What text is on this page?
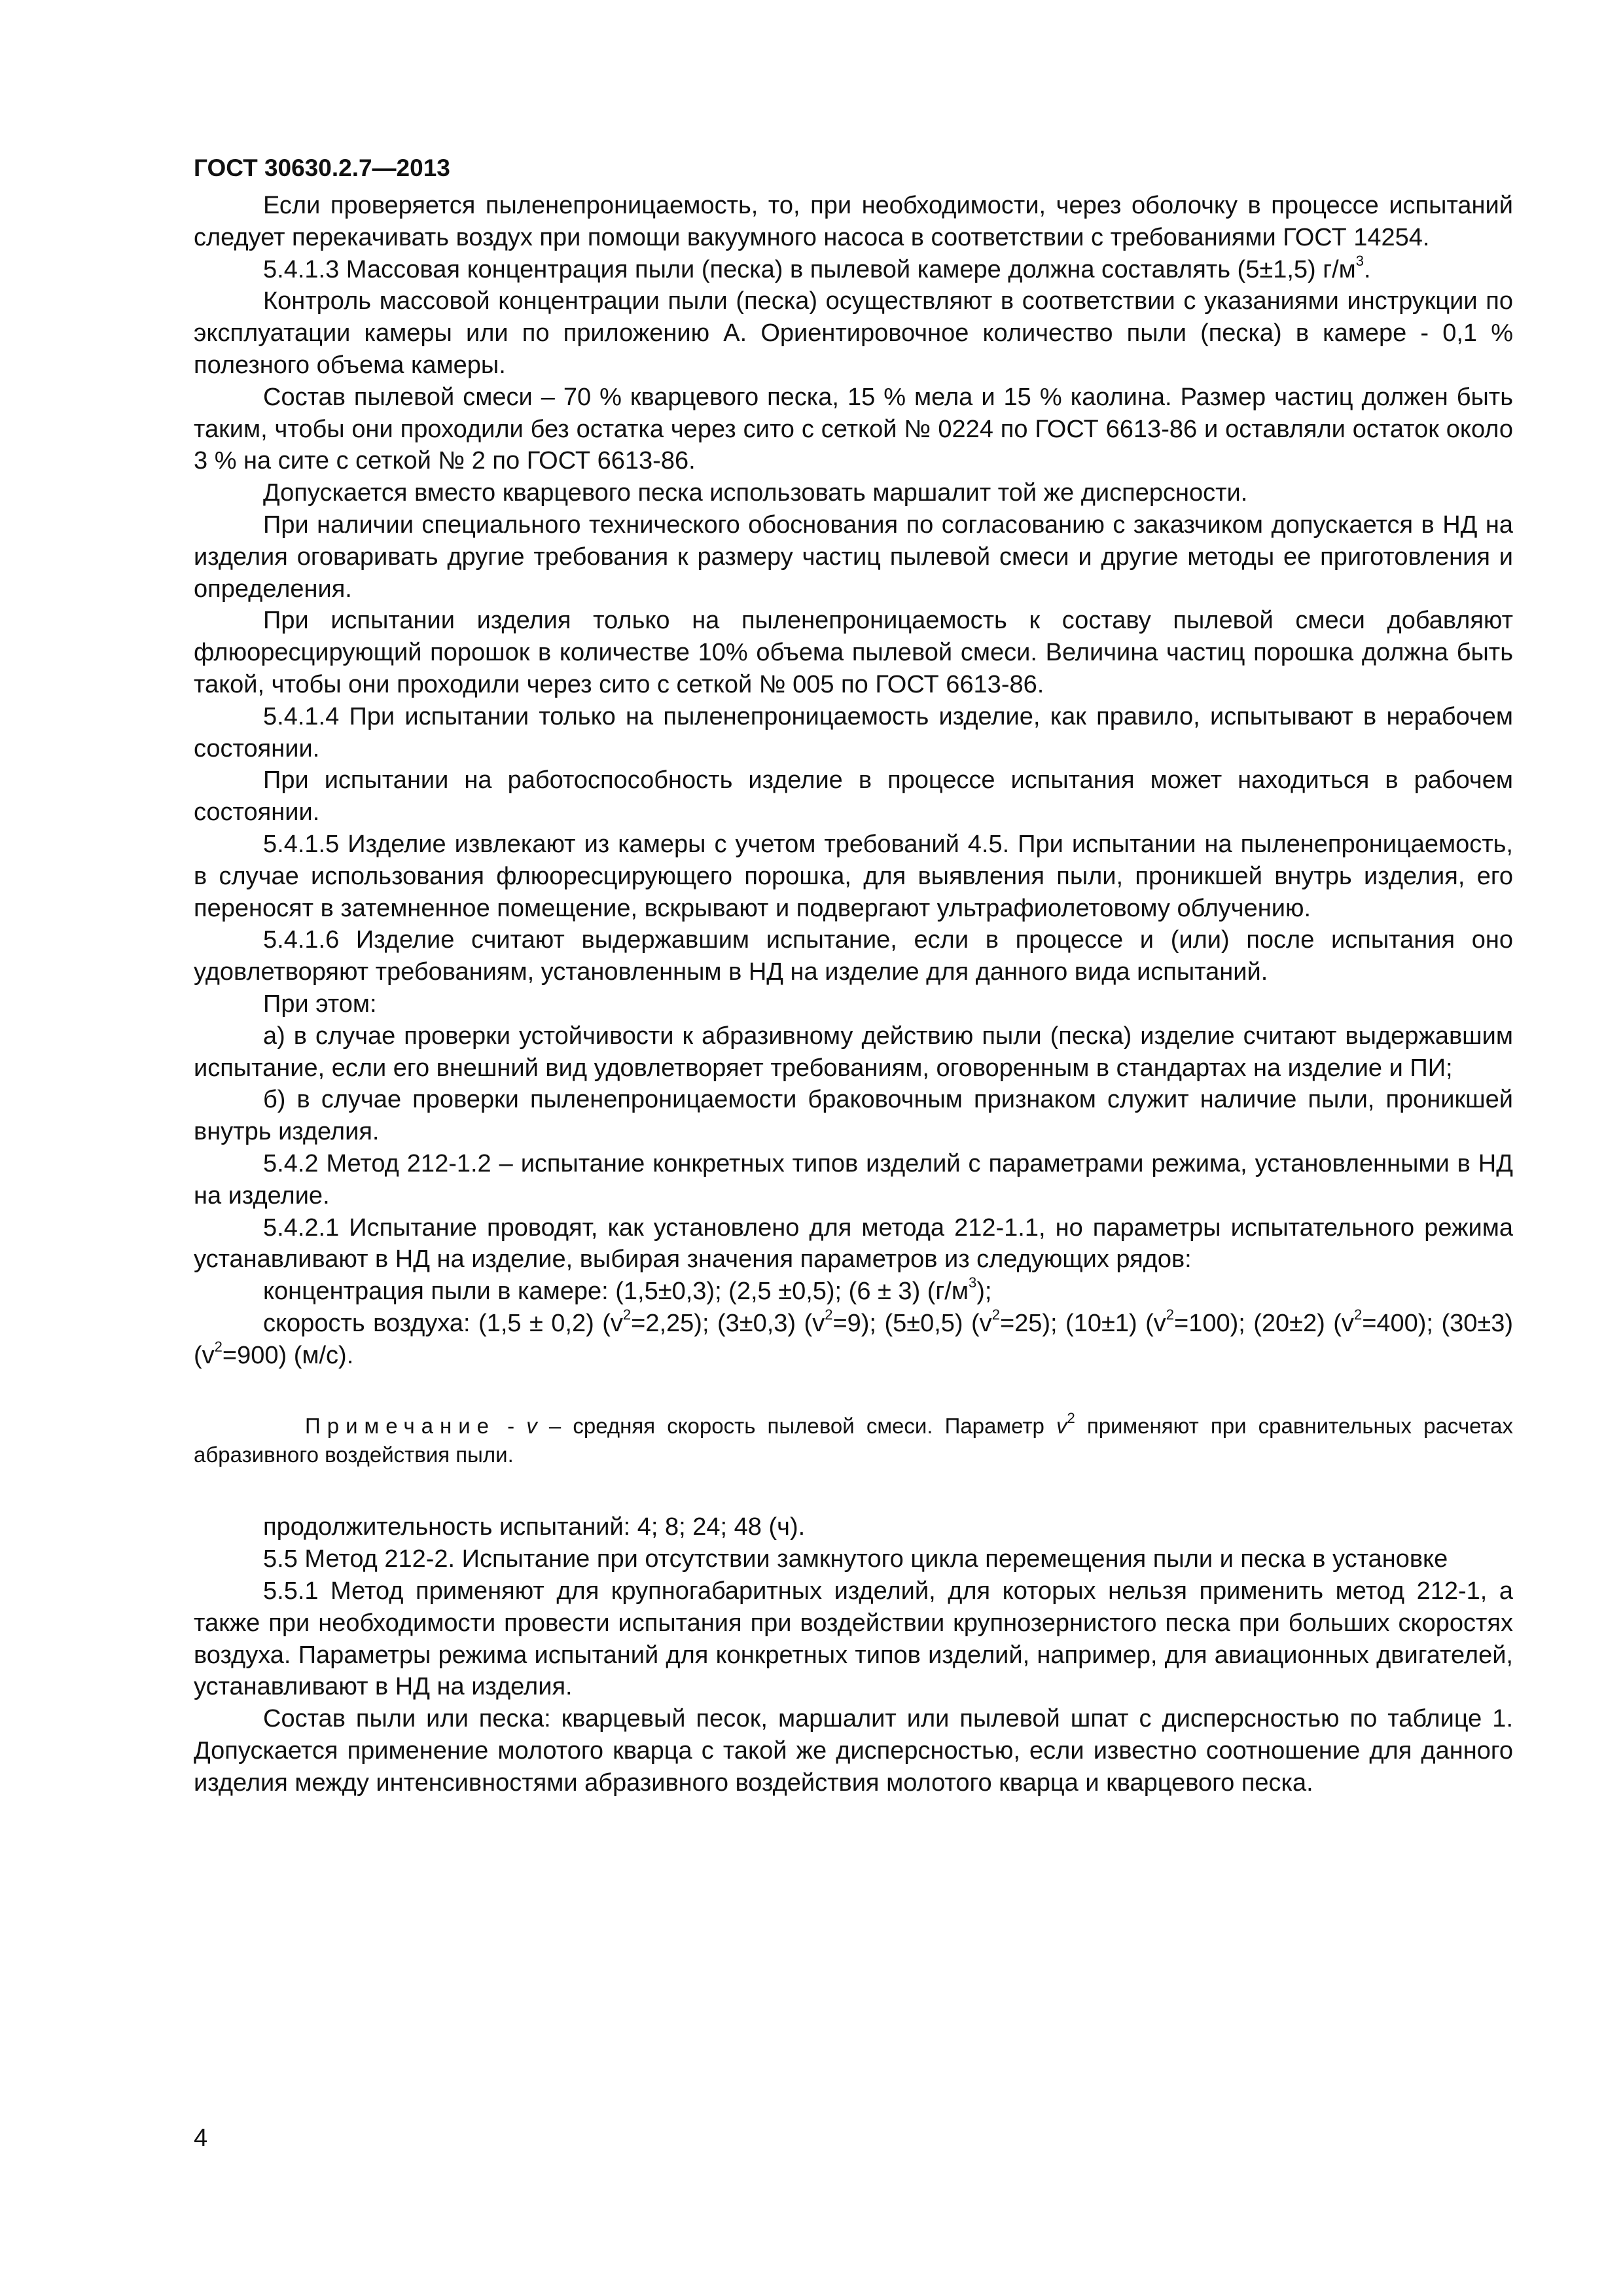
ГОСТ 30630.2.7—2013

Если проверяется пыленепроницаемость, то, при необходимости, через оболочку в процессе испытаний следует перекачивать воздух при помощи вакуумного насоса в соответствии с требованиями ГОСТ 14254.

5.4.1.3 Массовая концентрация пыли (песка) в пылевой камере должна составлять (5±1,5) $г/м^3$.

Контроль массовой концентрации пыли (песка) осуществляют в соответствии с указаниями инструкции по эксплуатации камеры или по приложению А. Ориентировочное количество пыли (песка) в камере - 0,1 % полезного объема камеры.

Состав пылевой смеси – 70 % кварцевого песка, 15 % мела и 15 % каолина. Размер частиц должен быть таким, чтобы они проходили без остатка через сито с сеткой № 0224 по ГОСТ 6613-86 и оставляли остаток около 3 % на сите с сеткой № 2 по ГОСТ 6613-86.

Допускается вместо кварцевого песка использовать маршалит той же дисперсности.

При наличии специального технического обоснования по согласованию с заказчиком допускается в НД на изделия оговаривать другие требования к размеру частиц пылевой смеси и другие методы ее приготовления и определения.

При испытании изделия только на пыленепроницаемость к составу пылевой смеси добавляют флюоресцирующий порошок в количестве 10% объема пылевой смеси. Величина частиц порошка должна быть такой, чтобы они проходили через сито с сеткой № 005 по ГОСТ 6613-86.

5.4.1.4 При испытании только на пыленепроницаемость изделие, как правило, испытывают в нерабочем состоянии.

При испытании на работоспособность изделие в процессе испытания может находиться в рабочем состоянии.

5.4.1.5 Изделие извлекают из камеры с учетом требований 4.5. При испытании на пыленепроницаемость, в случае использования флюоресцирующего порошка, для выявления пыли, проникшей внутрь изделия, его переносят в затемненное помещение, вскрывают и подвергают ультрафиолетовому облучению.

5.4.1.6 Изделие считают выдержавшим испытание, если в процессе и (или) после испытания оно удовлетворяют требованиям, установленным в НД на изделие для данного вида испытаний.

При этом:

а) в случае проверки устойчивости к абразивному действию пыли (песка) изделие считают выдержавшим испытание, если его внешний вид удовлетворяет требованиям, оговоренным в стандартах на изделие и ПИ;

б) в случае проверки пыленепроницаемости браковочным признаком служит наличие пыли, проникшей внутрь изделия.

5.4.2 Метод 212-1.2 – испытание конкретных типов изделий с параметрами режима, установленными в НД на изделие.

5.4.2.1 Испытание проводят, как установлено для метода 212-1.1, но параметры испытательного режима устанавливают в НД на изделие, выбирая значения параметров из следующих рядов:

концентрация пыли в камере: (1,5±0,3); (2,5 ±0,5); (6 ± 3) $(г/м^3)$;

скорость воздуха: (1,5 ± 0,2) $(v^2=2,25)$; (3±0,3) $(v^2=9)$; (5±0,5) $(v^2=25)$; (10±1) $(v^2=100)$; (20±2) $(v^2=400)$; (30±3) $(v^2=900)$ (м/с).

Примечание - v – средняя скорость пылевой смеси. Параметр $v^2$ применяют при сравнительных расчетах абразивного воздействия пыли.

продолжительность испытаний: 4; 8; 24; 48 (ч).

5.5 Метод 212-2. Испытание при отсутствии замкнутого цикла перемещения пыли и песка в установке

5.5.1 Метод применяют для крупногабаритных изделий, для которых нельзя применить метод 212-1, а также при необходимости провести испытания при воздействии крупнозернистого песка при больших скоростях воздуха. Параметры режима испытаний для конкретных типов изделий, например, для авиационных двигателей, устанавливают в НД на изделия.

Состав пыли или песка: кварцевый песок, маршалит или пылевой шпат с дисперсностью по таблице 1. Допускается применение молотого кварца с такой же дисперсностью, если известно соотношение для данного изделия между интенсивностями абразивного воздействия молотого кварца и кварцевого песка.

4
